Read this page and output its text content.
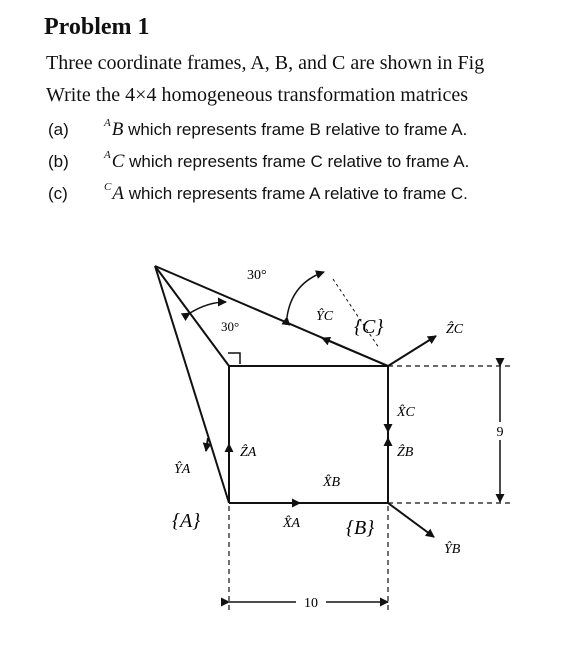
Problem 1
Three coordinate frames, A, B, and C are shown in Fig
Write the 4×4 homogeneous transformation matrices
(a)	$^A$B which represents frame B relative to frame A.
(b)	$^A$C which represents frame C relative to frame A.
(c)	$^C$A which represents frame A relative to frame C.
9
10
30°
30°	{C}
{A}	{B}
ŶC
ẐC
X̂C
ẐB
ŶB
ẐA
ŶA
X̂B
X̂A
